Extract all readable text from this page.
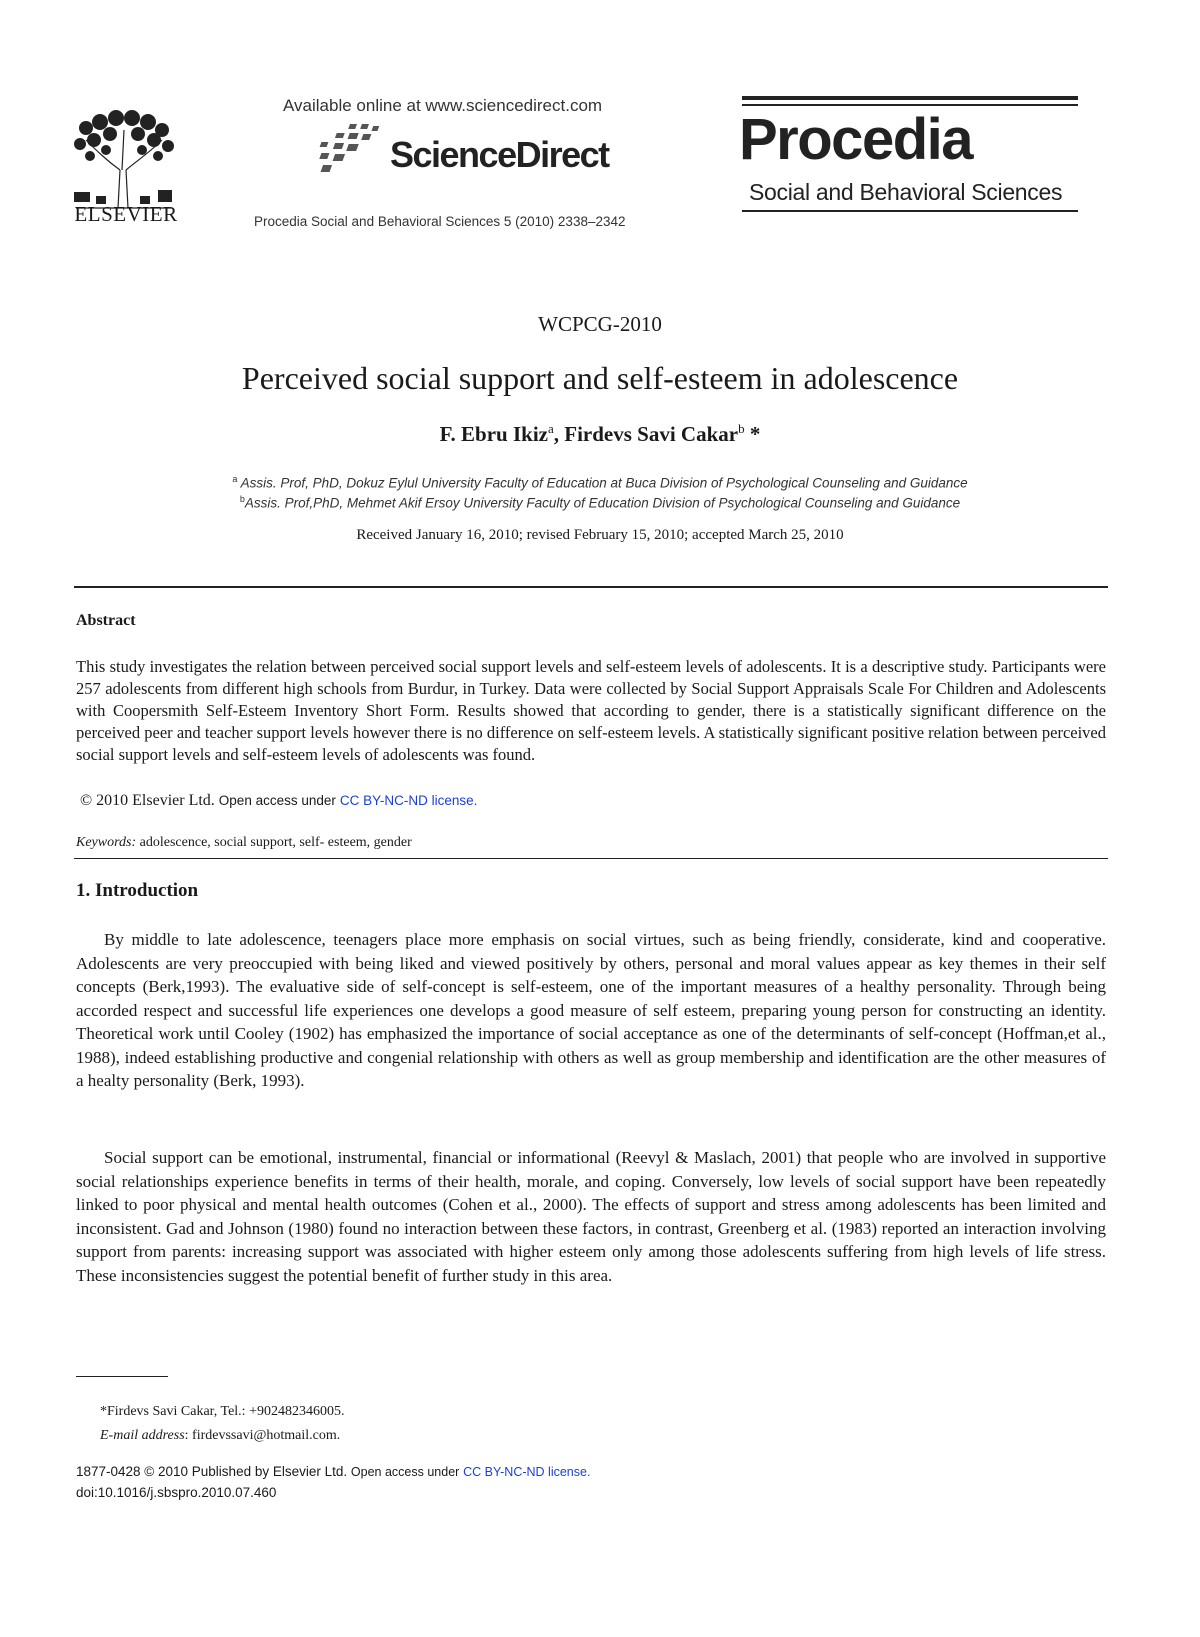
ELSEVIER
Available online at www.sciencedirect.com
ScienceDirect
Procedia Social and Behavioral Sciences 5 (2010) 2338–2342
Procedia
Social and Behavioral Sciences
WCPCG-2010
Perceived social support and self-esteem in adolescence
F. Ebru Ikiz$^a$, Firdevs Savi Cakar$^b$ *
$^a$ Assis. Prof, PhD, Dokuz Eylul University Faculty of Education at Buca Division of Psychological Counseling and Guidance
$^b$Assis. Prof,PhD, Mehmet Akif Ersoy University Faculty of Education Division of Psychological Counseling and Guidance
Received January 16, 2010; revised February 15, 2010; accepted March 25, 2010
Abstract
This study investigates the relation between perceived social support levels and self-esteem levels of adolescents. It is a descriptive study. Participants were 257 adolescents from different high schools from Burdur, in Turkey. Data were collected by Social Support Appraisals Scale For Children and Adolescents with Coopersmith Self-Esteem Inventory Short Form. Results showed that according to gender, there is a statistically significant difference on the perceived peer and teacher support levels however there is no difference on self-esteem levels. A statistically significant positive relation between perceived social support levels and self-esteem levels of adolescents was found.
© 2010 Elsevier Ltd. Open access under CC BY-NC-ND license.
Keywords: adolescence, social support, self- esteem, gender
1. Introduction
By middle to late adolescence, teenagers place more emphasis on social virtues, such as being friendly, considerate, kind and cooperative. Adolescents are very preoccupied with being liked and viewed positively by others, personal and moral values appear as key themes in their self concepts (Berk,1993). The evaluative side of self-concept is self-esteem, one of the important measures of a healthy personality. Through being accorded respect and successful life experiences one develops a good measure of self esteem, preparing young person for constructing an identity. Theoretical work until Cooley (1902) has emphasized the importance of social acceptance as one of the determinants of self-concept (Hoffman,et al., 1988), indeed establishing productive and congenial relationship with others as well as group membership and identification are the other measures of a healty personality (Berk, 1993).
Social support can be emotional, instrumental, financial or informational (Reevyl & Maslach, 2001) that people who are involved in supportive social relationships experience benefits in terms of their health, morale, and coping. Conversely, low levels of social support have been repeatedly linked to poor physical and mental health outcomes (Cohen et al., 2000). The effects of support and stress among adolescents has been limited and inconsistent. Gad and Johnson (1980) found no interaction between these factors, in contrast, Greenberg et al. (1983) reported an interaction involving support from parents: increasing support was associated with higher esteem only among those adolescents suffering from high levels of life stress. These inconsistencies suggest the potential benefit of further study in this area.
*Firdevs Savi Cakar, Tel.: +902482346005.
E-mail address: firdevssavi@hotmail.com.
1877-0428 © 2010 Published by Elsevier Ltd. Open access under CC BY-NC-ND license.
doi:10.1016/j.sbspro.2010.07.460
